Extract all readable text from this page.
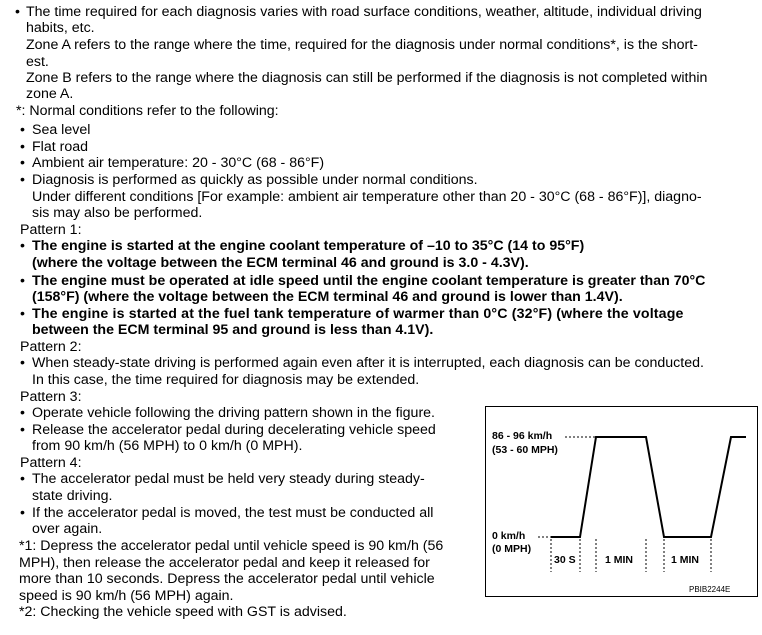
• The time required for each diagnosis varies with road surface conditions, weather, altitude, individual driving
habits, etc.
Zone A refers to the range where the time, required for the diagnosis under normal conditions*, is the short-
est.
Zone B refers to the range where the diagnosis can still be performed if the diagnosis is not completed within
zone A.
*: Normal conditions refer to the following:
• Sea level
• Flat road
• Ambient air temperature: 20 - 30°C (68 - 86°F)
• Diagnosis is performed as quickly as possible under normal conditions.
Under different conditions [For example: ambient air temperature other than 20 - 30°C (68 - 86°F)], diagno-
sis may also be performed.
Pattern 1:
• The engine is started at the engine coolant temperature of –10 to 35°C (14 to 95°F)
(where the voltage between the ECM terminal 46 and ground is 3.0 - 4.3V).
• The engine must be operated at idle speed until the engine coolant temperature is greater than 70°C
(158°F) (where the voltage between the ECM terminal 46 and ground is lower than 1.4V).
• The engine is started at the fuel tank temperature of warmer than 0°C (32°F) (where the voltage
between the ECM terminal 95 and ground is less than 4.1V).
Pattern 2:
• When steady-state driving is performed again even after it is interrupted, each diagnosis can be conducted.
In this case, the time required for diagnosis may be extended.
Pattern 3:
• Operate vehicle following the driving pattern shown in the figure.
• Release the accelerator pedal during decelerating vehicle speed
from 90 km/h (56 MPH) to 0 km/h (0 MPH).
Pattern 4:
• The accelerator pedal must be held very steady during steady-
state driving.
• If the accelerator pedal is moved, the test must be conducted all
over again.
*1: Depress the accelerator pedal until vehicle speed is 90 km/h (56
MPH), then release the accelerator pedal and keep it released for
more than 10 seconds. Depress the accelerator pedal until vehicle
speed is 90 km/h (56 MPH) again.
*2: Checking the vehicle speed with GST is advised.
86 - 96 km/h
(53 - 60 MPH)
0 km/h
(0 MPH)
30 S	1 MIN	1 MIN
PBIB2244E
